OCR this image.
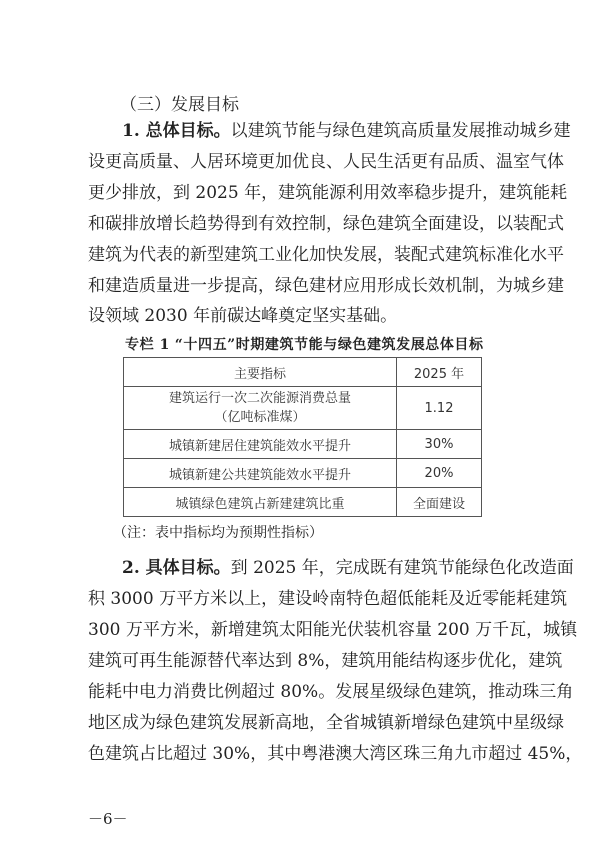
（三）发展目标
1. 总体目标。以建筑节能与绿色建筑高质量发展推动城乡建
设更高质量、人居环境更加优良、人民生活更有品质、温室气体
更少排放，到 2025 年，建筑能源利用效率稳步提升，建筑能耗
和碳排放增长趋势得到有效控制，绿色建筑全面建设，以装配式
建筑为代表的新型建筑工业化加快发展，装配式建筑标准化水平
和建造质量进一步提高，绿色建材应用形成长效机制，为城乡建
设领域 2030 年前碳达峰奠定坚实基础。
专栏 1 “十四五”时期建筑节能与绿色建筑发展总体目标
主要指标	2025 年

建筑运行一次二次能源消费总量
（亿吨标准煤）	1.12
城镇新建居住建筑能效水平提升	30%
城镇新建公共建筑能效水平提升	20%
城镇绿色建筑占新建建筑比重	全面建设
（注：表中指标均为预期性指标）
2. 具体目标。到 2025 年，完成既有建筑节能绿色化改造面
积 3000 万平方米以上，建设岭南特色超低能耗及近零能耗建筑
300 万平方米，新增建筑太阳能光伏装机容量 200 万千瓦，城镇
建筑可再生能源替代率达到 8%，建筑用能结构逐步优化，建筑
能耗中电力消费比例超过 80%。发展星级绿色建筑，推动珠三角
地区成为绿色建筑发展新高地，全省城镇新增绿色建筑中星级绿
色建筑占比超过 30%，其中粤港澳大湾区珠三角九市超过 45%，
－6－
